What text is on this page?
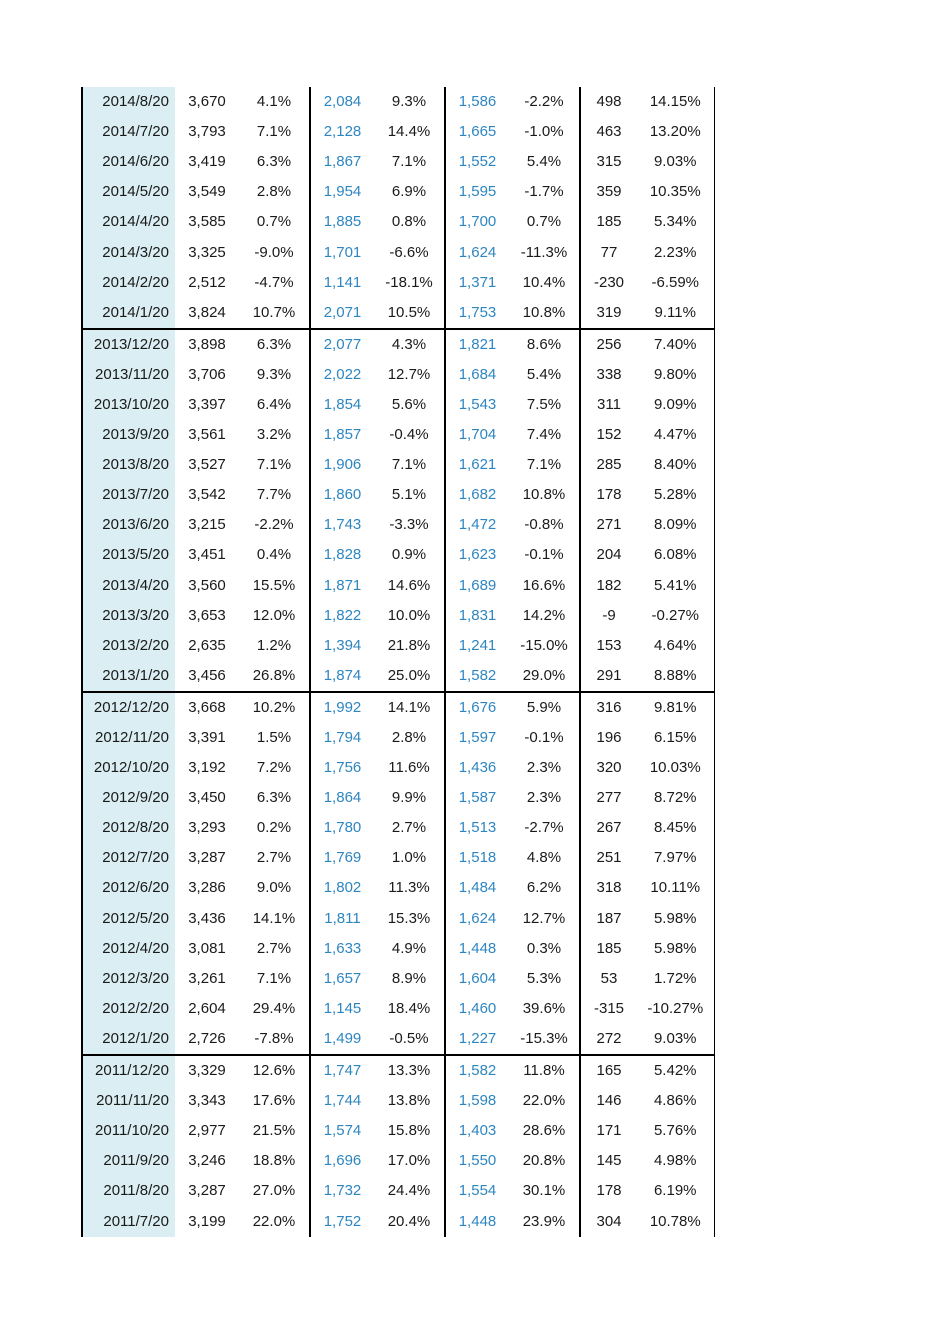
2014/8/20	3,670	4.1%	2,084	9.3%	1,586	-2.2%	498	14.15%
2014/7/20	3,793	7.1%	2,128	14.4%	1,665	-1.0%	463	13.20%
2014/6/20	3,419	6.3%	1,867	7.1%	1,552	5.4%	315	9.03%
2014/5/20	3,549	2.8%	1,954	6.9%	1,595	-1.7%	359	10.35%
2014/4/20	3,585	0.7%	1,885	0.8%	1,700	0.7%	185	5.34%
2014/3/20	3,325	-9.0%	1,701	-6.6%	1,624	-11.3%	77	2.23%
2014/2/20	2,512	-4.7%	1,141	-18.1%	1,371	10.4%	-230	-6.59%
2014/1/20	3,824	10.7%	2,071	10.5%	1,753	10.8%	319	9.11%
2013/12/20	3,898	6.3%	2,077	4.3%	1,821	8.6%	256	7.40%
2013/11/20	3,706	9.3%	2,022	12.7%	1,684	5.4%	338	9.80%
2013/10/20	3,397	6.4%	1,854	5.6%	1,543	7.5%	311	9.09%
2013/9/20	3,561	3.2%	1,857	-0.4%	1,704	7.4%	152	4.47%
2013/8/20	3,527	7.1%	1,906	7.1%	1,621	7.1%	285	8.40%
2013/7/20	3,542	7.7%	1,860	5.1%	1,682	10.8%	178	5.28%
2013/6/20	3,215	-2.2%	1,743	-3.3%	1,472	-0.8%	271	8.09%
2013/5/20	3,451	0.4%	1,828	0.9%	1,623	-0.1%	204	6.08%
2013/4/20	3,560	15.5%	1,871	14.6%	1,689	16.6%	182	5.41%
2013/3/20	3,653	12.0%	1,822	10.0%	1,831	14.2%	-9	-0.27%
2013/2/20	2,635	1.2%	1,394	21.8%	1,241	-15.0%	153	4.64%
2013/1/20	3,456	26.8%	1,874	25.0%	1,582	29.0%	291	8.88%
2012/12/20	3,668	10.2%	1,992	14.1%	1,676	5.9%	316	9.81%
2012/11/20	3,391	1.5%	1,794	2.8%	1,597	-0.1%	196	6.15%
2012/10/20	3,192	7.2%	1,756	11.6%	1,436	2.3%	320	10.03%
2012/9/20	3,450	6.3%	1,864	9.9%	1,587	2.3%	277	8.72%
2012/8/20	3,293	0.2%	1,780	2.7%	1,513	-2.7%	267	8.45%
2012/7/20	3,287	2.7%	1,769	1.0%	1,518	4.8%	251	7.97%
2012/6/20	3,286	9.0%	1,802	11.3%	1,484	6.2%	318	10.11%
2012/5/20	3,436	14.1%	1,811	15.3%	1,624	12.7%	187	5.98%
2012/4/20	3,081	2.7%	1,633	4.9%	1,448	0.3%	185	5.98%
2012/3/20	3,261	7.1%	1,657	8.9%	1,604	5.3%	53	1.72%
2012/2/20	2,604	29.4%	1,145	18.4%	1,460	39.6%	-315	-10.27%
2012/1/20	2,726	-7.8%	1,499	-0.5%	1,227	-15.3%	272	9.03%
2011/12/20	3,329	12.6%	1,747	13.3%	1,582	11.8%	165	5.42%
2011/11/20	3,343	17.6%	1,744	13.8%	1,598	22.0%	146	4.86%
2011/10/20	2,977	21.5%	1,574	15.8%	1,403	28.6%	171	5.76%
2011/9/20	3,246	18.8%	1,696	17.0%	1,550	20.8%	145	4.98%
2011/8/20	3,287	27.0%	1,732	24.4%	1,554	30.1%	178	6.19%
2011/7/20	3,199	22.0%	1,752	20.4%	1,448	23.9%	304	10.78%
